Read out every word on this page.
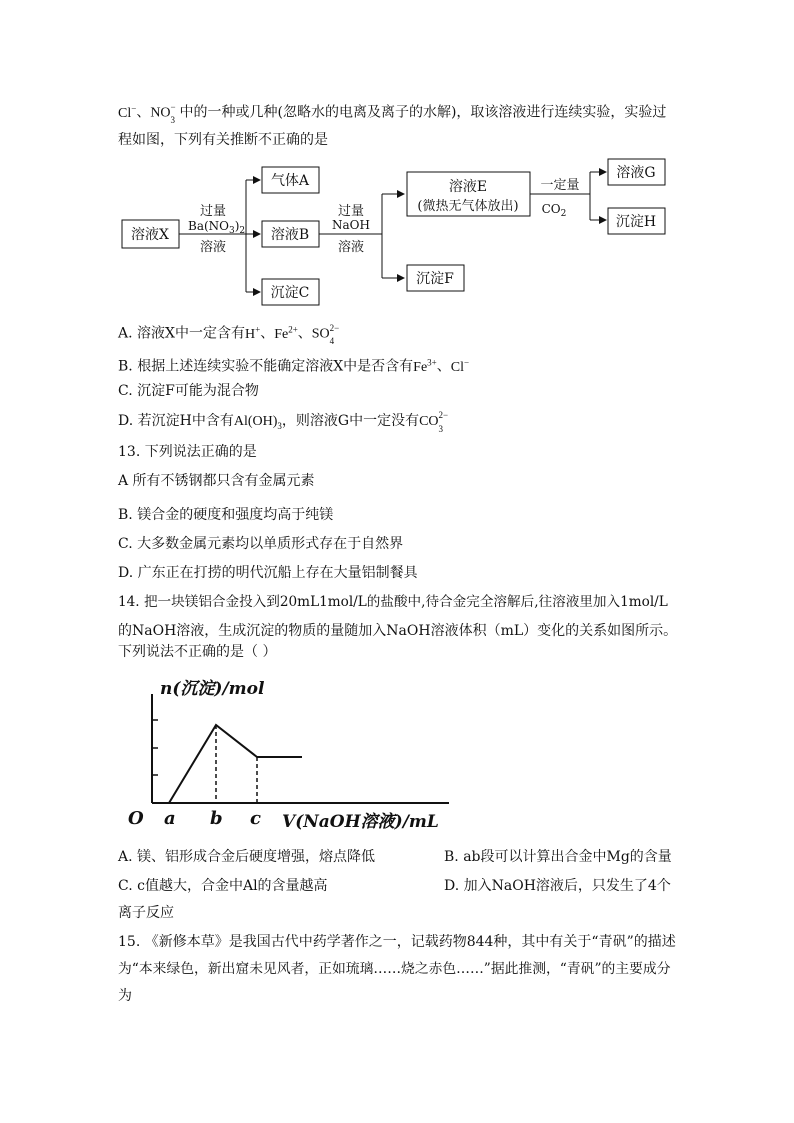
Cl−、NO −
$_3$ 中的一种或几种(忽略水的电离及离子的水解)，取该溶液进行连续实验，实验过
程如图，下列有关推断不正确的是
溶液X
过量
$Ba(NO_3)_2$
溶液
气体A
溶液B
沉淀C
过量
NaOH
溶液
溶液E
(微热无气体放出)
沉淀F
一定量
$CO_2$
溶液G
沉淀H
A. 溶液X中一定含有H+、$Fe^{2+}$、SO 2−
$_4$
B. 根据上述连续实验不能确定溶液X中是否含有$Fe^{3+}$、Cl−
C. 沉淀F可能为混合物
D. 若沉淀H中含有$Al(OH)_3$，则溶液G中一定没有CO 2−
$_3$
13. 下列说法正确的是
A 所有不锈钢都只含有金属元素
B. 镁合金的硬度和强度均高于纯镁
C. 大多数金属元素均以单质形式存在于自然界
D. 广东正在打捞的明代沉船上存在大量铝制餐具
14. 把一块镁铝合金投入到20mL1mol/L的盐酸中,待合金完全溶解后,往溶液里加入1mol/L
的NaOH溶液，生成沉淀的物质的量随加入NaOH溶液体积（mL）变化的关系如图所示。
下列说法不正确的是（ ）
n(沉淀)/mol
O a b c V(NaOH溶液)/mL
A. 镁、铝形成合金后硬度增强，熔点降低	B. ab段可以计算出合金中Mg的含量
C. c值越大，合金中Al的含量越高	D. 加入NaOH溶液后，只发生了4个
离子反应
15. 《新修本草》是我国古代中药学著作之一，记载药物844种，其中有关于“青矾”的描述
为“本来绿色，新出窟未见风者，正如琉璃……烧之赤色……”据此推测，“青矾”的主要成分
为
